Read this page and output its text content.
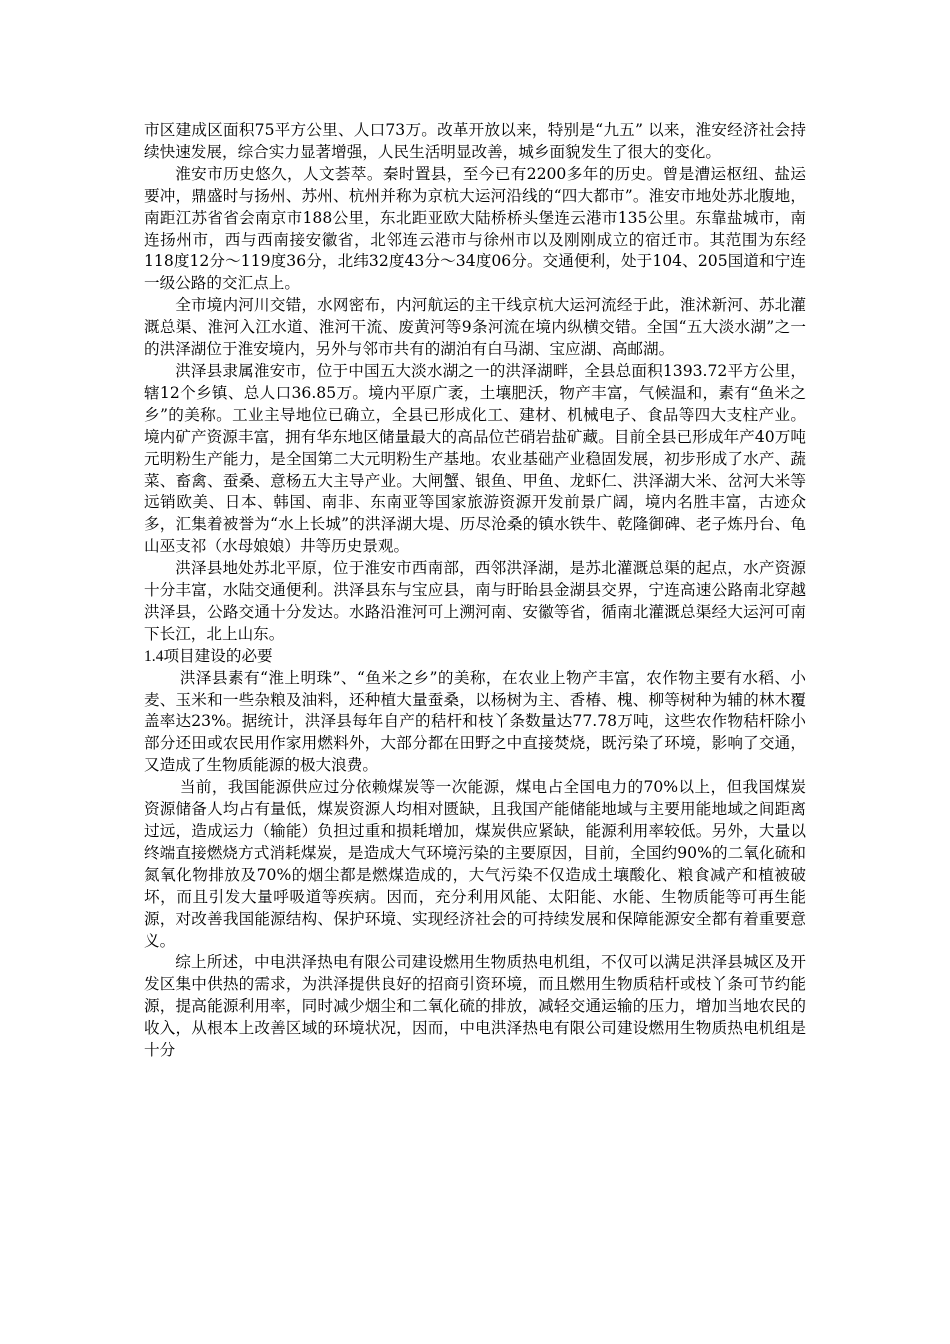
市区建成区面积75平方公里、人口73万。改革开放以来，特别是“九五” 以来，淮安经济社会持续快速发展，综合实力显著增强，人民生活明显改善，城乡面貌发生了很大的变化。

淮安市历史悠久，人文荟萃。秦时置县，至今已有2200多年的历史。曾是漕运枢纽、盐运要冲，鼎盛时与扬州、苏州、杭州并称为京杭大运河沿线的“四大都市”。淮安市地处苏北腹地，南距江苏省省会南京市188公里，东北距亚欧大陆桥桥头堡连云港市135公里。东靠盐城市，南连扬州市，西与西南接安徽省，北邻连云港市与徐州市以及刚刚成立的宿迁市。其范围为东经118度12分～119度36分，北纬32度43分～34度06分。交通便利，处于104、205国道和宁连一级公路的交汇点上。

全市境内河川交错，水网密布，内河航运的主干线京杭大运河流经于此，淮沭新河、苏北灌溉总渠、淮河入江水道、淮河干流、废黄河等9条河流在境内纵横交错。全国“五大淡水湖”之一的洪泽湖位于淮安境内，另外与邻市共有的湖泊有白马湖、宝应湖、高邮湖。

洪泽县隶属淮安市，位于中国五大淡水湖之一的洪泽湖畔，全县总面积1393.72平方公里，辖12个乡镇、总人口36.85万。境内平原广袤，土壤肥沃，物产丰富，气候温和，素有“鱼米之乡”的美称。工业主导地位已确立，全县已形成化工、建材、机械电子、食品等四大支柱产业。境内矿产资源丰富，拥有华东地区储量最大的高品位芒硝岩盐矿藏。目前全县已形成年产40万吨元明粉生产能力，是全国第二大元明粉生产基地。农业基础产业稳固发展，初步形成了水产、蔬菜、畜禽、蚕桑、意杨五大主导产业。大闸蟹、银鱼、甲鱼、龙虾仁、洪泽湖大米、岔河大米等远销欧美、日本、韩国、南非、东南亚等国家旅游资源开发前景广阔，境内名胜丰富，古迹众多，汇集着被誉为“水上长城”的洪泽湖大堤、历尽沧桑的镇水铁牛、乾隆御碑、老子炼丹台、龟山巫支祁（水母娘娘）井等历史景观。

洪泽县地处苏北平原，位于淮安市西南部，西邻洪泽湖，是苏北灌溉总渠的起点，水产资源十分丰富，水陆交通便利。洪泽县东与宝应县，南与盱眙县金湖县交界，宁连高速公路南北穿越洪泽县，公路交通十分发达。水路沿淮河可上溯河南、安徽等省，循南北灌溉总渠经大运河可南下长江，北上山东。

1.4项目建设的必要

洪泽县素有“淮上明珠”、“鱼米之乡”的美称，在农业上物产丰富，农作物主要有水稻、小麦、玉米和一些杂粮及油料，还种植大量蚕桑，以杨树为主、香椿、槐、柳等树种为辅的林木覆盖率达23%。据统计，洪泽县每年自产的秸杆和枝丫条数量达77.78万吨，这些农作物秸杆除小部分还田或农民用作家用燃料外，大部分都在田野之中直接焚烧，既污染了环境，影响了交通，又造成了生物质能源的极大浪费。

当前，我国能源供应过分依赖煤炭等一次能源，煤电占全国电力的70%以上，但我国煤炭资源储备人均占有量低，煤炭资源人均相对匮缺，且我国产能储能地域与主要用能地域之间距离过远，造成运力（输能）负担过重和损耗增加，煤炭供应紧缺，能源利用率较低。另外，大量以终端直接燃烧方式消耗煤炭，是造成大气环境污染的主要原因，目前，全国约90%的二氧化硫和氮氧化物排放及70%的烟尘都是燃煤造成的，大气污染不仅造成土壤酸化、粮食减产和植被破坏，而且引发大量呼吸道等疾病。因而，充分利用风能、太阳能、水能、生物质能等可再生能源，对改善我国能源结构、保护环境、实现经济社会的可持续发展和保障能源安全都有着重要意义。

综上所述，中电洪泽热电有限公司建设燃用生物质热电机组，不仅可以满足洪泽县城区及开发区集中供热的需求，为洪泽提供良好的招商引资环境，而且燃用生物质秸杆或枝丫条可节约能源，提高能源利用率，同时减少烟尘和二氧化硫的排放，减轻交通运输的压力，增加当地农民的收入，从根本上改善区域的环境状况，因而，中电洪泽热电有限公司建设燃用生物质热电机组是十分
